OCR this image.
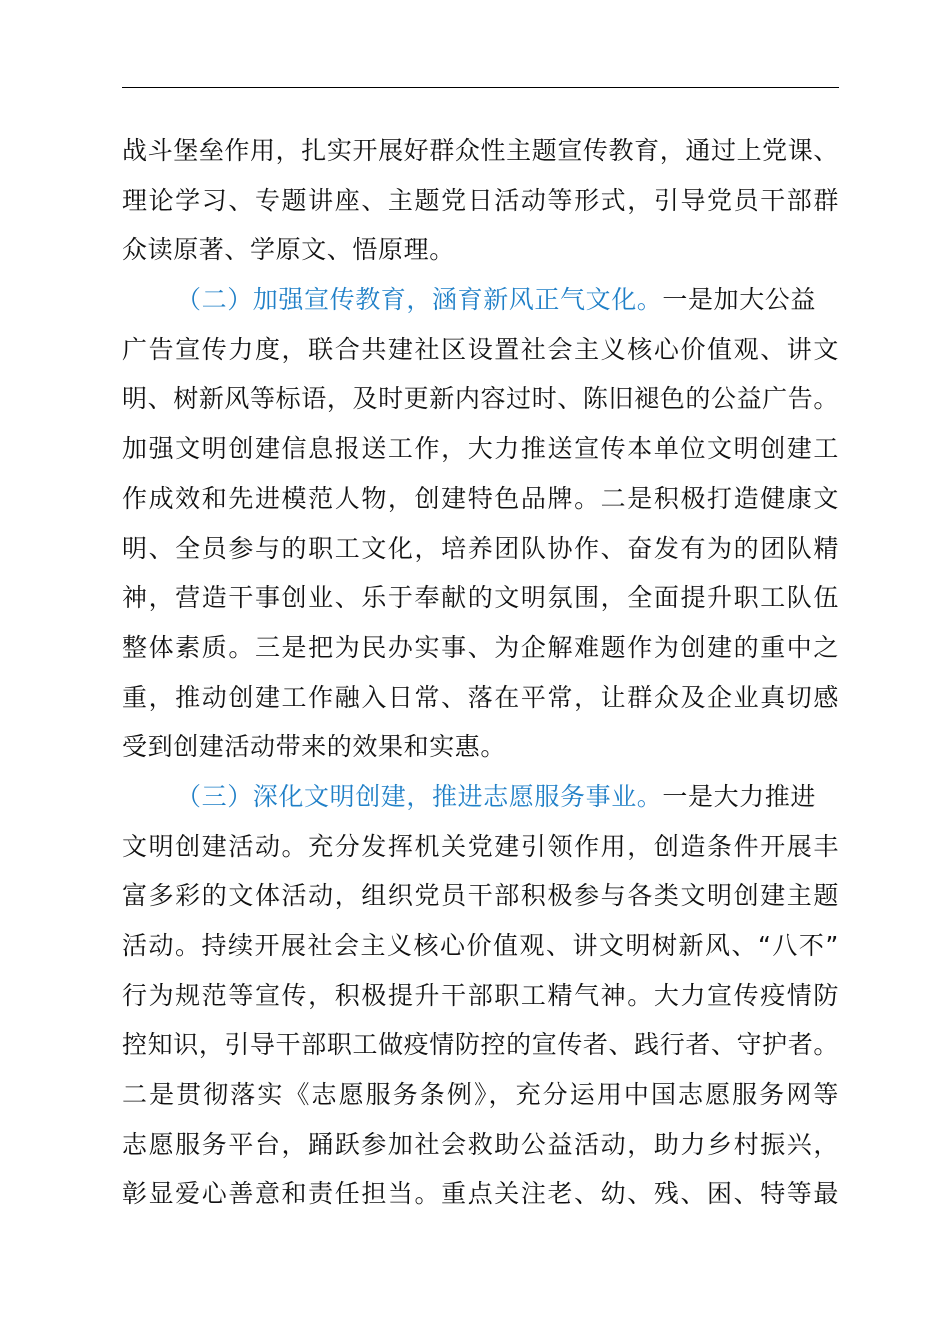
战斗堡垒作用，扎实开展好群众性主题宣传教育，通过上党课、
理论学习、专题讲座、主题党日活动等形式，引导党员干部群
众读原著、学原文、悟原理。
（二）加强宣传教育，涵育新风正气文化。一是加大公益
广告宣传力度，联合共建社区设置社会主义核心价值观、讲文
明、树新风等标语，及时更新内容过时、陈旧褪色的公益广告。
加强文明创建信息报送工作，大力推送宣传本单位文明创建工
作成效和先进模范人物，创建特色品牌。二是积极打造健康文
明、全员参与的职工文化，培养团队协作、奋发有为的团队精
神，营造干事创业、乐于奉献的文明氛围，全面提升职工队伍
整体素质。三是把为民办实事、为企解难题作为创建的重中之
重，推动创建工作融入日常、落在平常，让群众及企业真切感
受到创建活动带来的效果和实惠。
（三）深化文明创建，推进志愿服务事业。一是大力推进
文明创建活动。充分发挥机关党建引领作用，创造条件开展丰
富多彩的文体活动，组织党员干部积极参与各类文明创建主题
活动。持续开展社会主义核心价值观、讲文明树新风、“八不”
行为规范等宣传，积极提升干部职工精气神。大力宣传疫情防
控知识，引导干部职工做疫情防控的宣传者、践行者、守护者。
二是贯彻落实《志愿服务条例》，充分运用中国志愿服务网等
志愿服务平台，踊跃参加社会救助公益活动，助力乡村振兴，
彰显爱心善意和责任担当。重点关注老、幼、残、困、特等最
